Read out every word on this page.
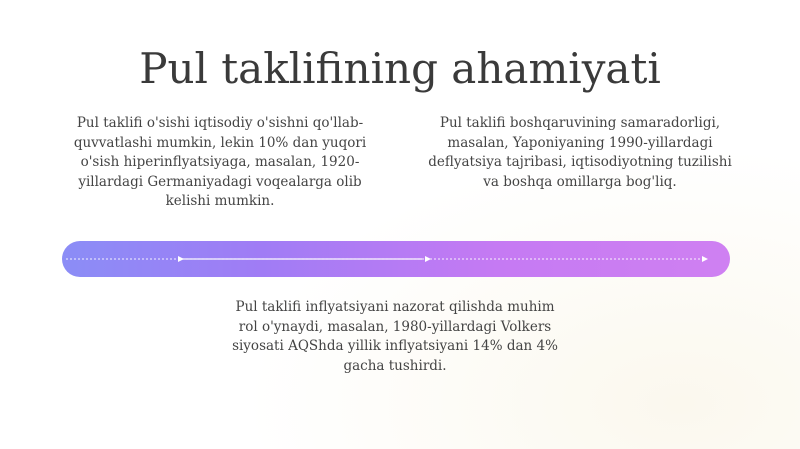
Pul taklifining ahamiyati
Pul taklifi o'sishi iqtisodiy o'sishni qo'llab-quvvatlashi mumkin, lekin 10% dan yuqori o'sish hiperinflyatsiyaga, masalan, 1920-yillardagi Germaniyadagi voqealarga olib kelishi mumkin.
Pul taklifi boshqaruvining samaradorligi, masalan, Yaponiyaning 1990-yillardagi deflyatsiya tajribasi, iqtisodiyotning tuzilishi va boshqa omillarga bog'liq.
Pul taklifi inflyatsiyani nazorat qilishda muhim rol o'ynaydi, masalan, 1980-yillardagi Volkers siyosati AQShda yillik inflyatsiyani 14% dan 4% gacha tushirdi.
